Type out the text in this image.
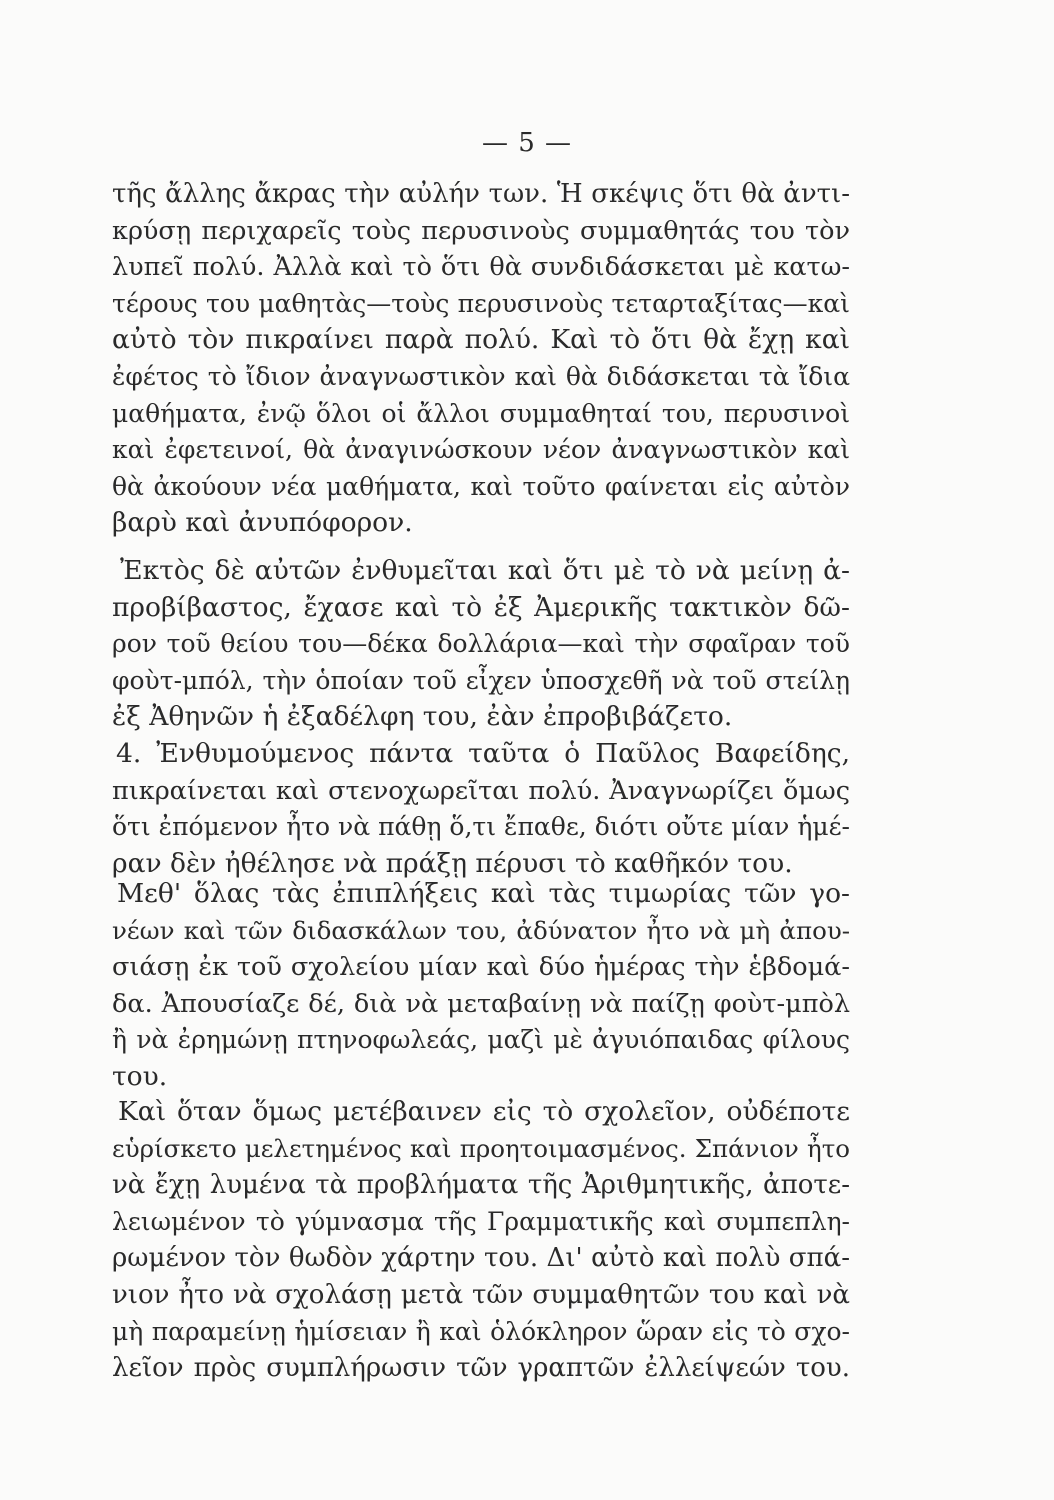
— 5 —
τῆς ἄλλης ἄκρας τὴν αὐλήν των. Ἡ σκέψις ὅτι θὰ ἀντι-
κρύσῃ περιχαρεῖς τοὺς περυσινοὺς συμμαθητάς του τὸν
λυπεῖ πολύ. Ἀλλὰ καὶ τὸ ὅτι θὰ συνδιδάσκεται μὲ κατω-
τέρους του μαθητὰς—τοὺς περυσινοὺς τεταρταξίτας—καὶ
αὐτὸ τὸν πικραίνει παρὰ πολύ. Καὶ τὸ ὅτι θὰ ἔχῃ καὶ
ἐφέτος τὸ ἴδιον ἀναγνωστικὸν καὶ θὰ διδάσκεται τὰ ἴδια
μαθήματα, ἐνῷ ὅλοι οἱ ἄλλοι συμμαθηταί του, περυσινοὶ
καὶ ἐφετεινοί, θὰ ἀναγινώσκουν νέον ἀναγνωστικὸν καὶ
θὰ ἀκούουν νέα μαθήματα, καὶ τοῦτο φαίνεται εἰς αὐτὸν
βαρὺ καὶ ἀνυπόφορον.
Ἐκτὸς δὲ αὐτῶν ἐνθυμεῖται καὶ ὅτι μὲ τὸ νὰ μείνῃ ἀ-
προβίβαστος, ἔχασε καὶ τὸ ἐξ Ἀμερικῆς τακτικὸν δῶ-
ρον τοῦ θείου του—δέκα δολλάρια—καὶ τὴν σφαῖραν τοῦ
φοὺτ-μπόλ, τὴν ὁποίαν τοῦ εἶχεν ὑποσχεθῆ νὰ τοῦ στείλῃ
ἐξ Ἀθηνῶν ἡ ἐξαδέλφη του, ἐὰν ἐπροβιβάζετο.
4. Ἐνθυμούμενος πάντα ταῦτα ὁ Παῦλος Βαφείδης,
πικραίνεται καὶ στενοχωρεῖται πολύ. Ἀναγνωρίζει ὅμως
ὅτι ἐπόμενον ἦτο νὰ πάθῃ ὅ,τι ἔπαθε, διότι οὔτε μίαν ἡμέ-
ραν δὲν ἠθέλησε νὰ πράξῃ πέρυσι τὸ καθῆκόν του.
Μεθ' ὅλας τὰς ἐπιπλήξεις καὶ τὰς τιμωρίας τῶν γο-
νέων καὶ τῶν διδασκάλων του, ἀδύνατον ἦτο νὰ μὴ ἀπου-
σιάσῃ ἐκ τοῦ σχολείου μίαν καὶ δύο ἡμέρας τὴν ἑβδομά-
δα. Ἀπουσίαζε δέ, διὰ νὰ μεταβαίνῃ νὰ παίζῃ φοὺτ-μπὸλ
ἢ νὰ ἐρημώνῃ πτηνοφωλεάς, μαζὶ μὲ ἀγυιόπαιδας φίλους
του.
Καὶ ὅταν ὅμως μετέβαινεν εἰς τὸ σχολεῖον, οὐδέποτε
εὑρίσκετο μελετημένος καὶ προητοιμασμένος. Σπάνιον ἦτο
νὰ ἔχῃ λυμένα τὰ προβλήματα τῆς Ἀριθμητικῆς, ἀποτε-
λειωμένον τὸ γύμνασμα τῆς Γραμματικῆς καὶ συμπεπλη-
ρωμένον τὸν θωδὸν χάρτην του. Δι' αὐτὸ καὶ πολὺ σπά-
νιον ἦτο νὰ σχολάσῃ μετὰ τῶν συμμαθητῶν του καὶ νὰ
μὴ παραμείνῃ ἡμίσειαν ἢ καὶ ὁλόκληρον ὥραν εἰς τὸ σχο-
λεῖον πρὸς συμπλήρωσιν τῶν γραπτῶν ἐλλείψεών του.
